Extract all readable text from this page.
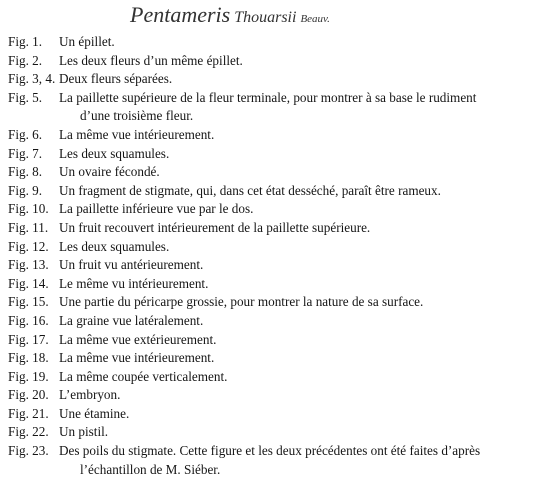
Pentameris Thouarsii Beauv.
Fig. 1. Un épillet.
Fig. 2. Les deux fleurs d’un même épillet.
Fig. 3, 4. Deux fleurs séparées.
Fig. 5. La paillette supérieure de la fleur terminale, pour montrer à sa base le rudiment
d’une troisième fleur.
Fig. 6. La même vue intérieurement.
Fig. 7. Les deux squamules.
Fig. 8. Un ovaire fécondé.
Fig. 9. Un fragment de stigmate, qui, dans cet état desséché, paraît être rameux.
Fig. 10. La paillette inférieure vue par le dos.
Fig. 11. Un fruit recouvert intérieurement de la paillette supérieure.
Fig. 12. Les deux squamules.
Fig. 13. Un fruit vu antérieurement.
Fig. 14. Le même vu intérieurement.
Fig. 15. Une partie du péricarpe grossie, pour montrer la nature de sa surface.
Fig. 16. La graine vue latéralement.
Fig. 17. La même vue extérieurement.
Fig. 18. La même vue intérieurement.
Fig. 19. La même coupée verticalement.
Fig. 20. L’embryon.
Fig. 21. Une étamine.
Fig. 22. Un pistil.
Fig. 23. Des poils du stigmate. Cette figure et les deux précédentes ont été faites d’après
l’échantillon de M. Siéber.
